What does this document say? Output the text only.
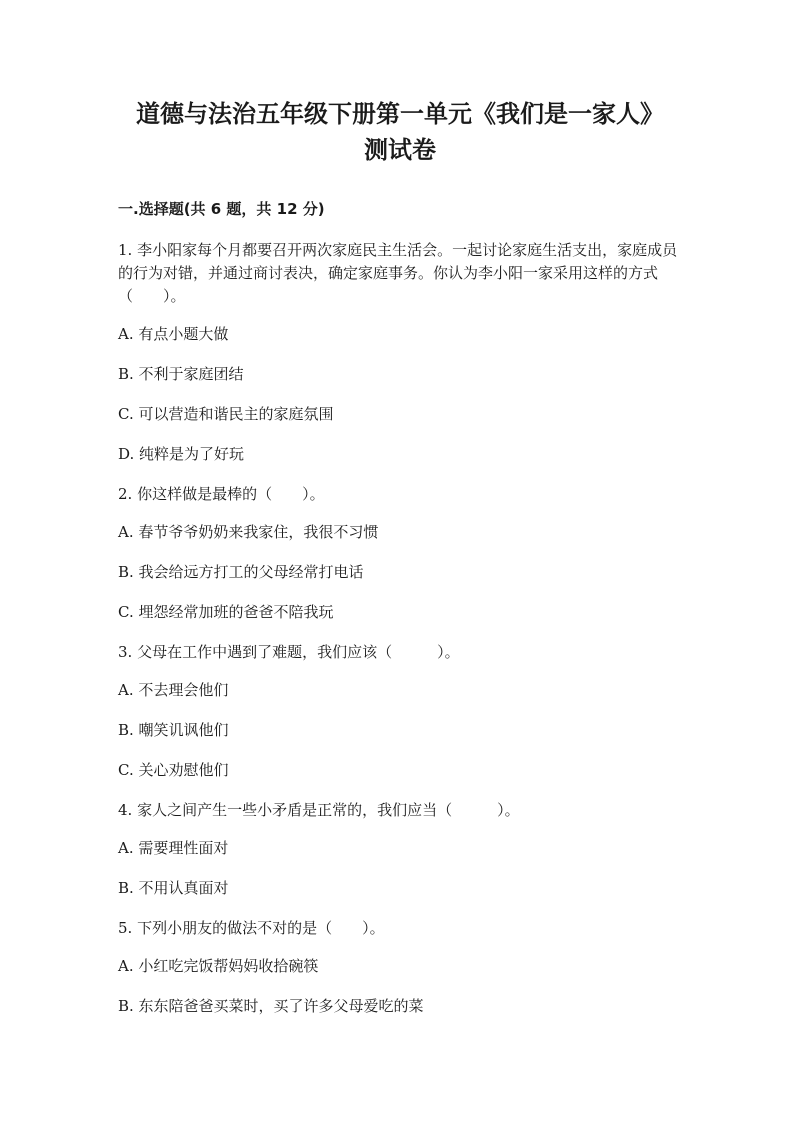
道德与法治五年级下册第一单元《我们是一家人》
测试卷
一.选择题(共 6 题，共 12 分)

1. 李小阳家每个月都要召开两次家庭民主生活会。一起讨论家庭生活支出，家庭成员的行为对错，并通过商讨表决，确定家庭事务。你认为李小阳一家采用这样的方式（　　）。

A. 有点小题大做

B. 不利于家庭团结

C. 可以营造和谐民主的家庭氛围

D. 纯粹是为了好玩

2. 你这样做是最棒的（　　）。

A. 春节爷爷奶奶来我家住，我很不习惯

B. 我会给远方打工的父母经常打电话

C. 埋怨经常加班的爸爸不陪我玩

3. 父母在工作中遇到了难题，我们应该（　　　）。

A. 不去理会他们

B. 嘲笑讥讽他们

C. 关心劝慰他们

4. 家人之间产生一些小矛盾是正常的，我们应当（　　　）。

A. 需要理性面对

B. 不用认真面对

5. 下列小朋友的做法不对的是（　　）。

A. 小红吃完饭帮妈妈收拾碗筷

B. 东东陪爸爸买菜时，买了许多父母爱吃的菜
